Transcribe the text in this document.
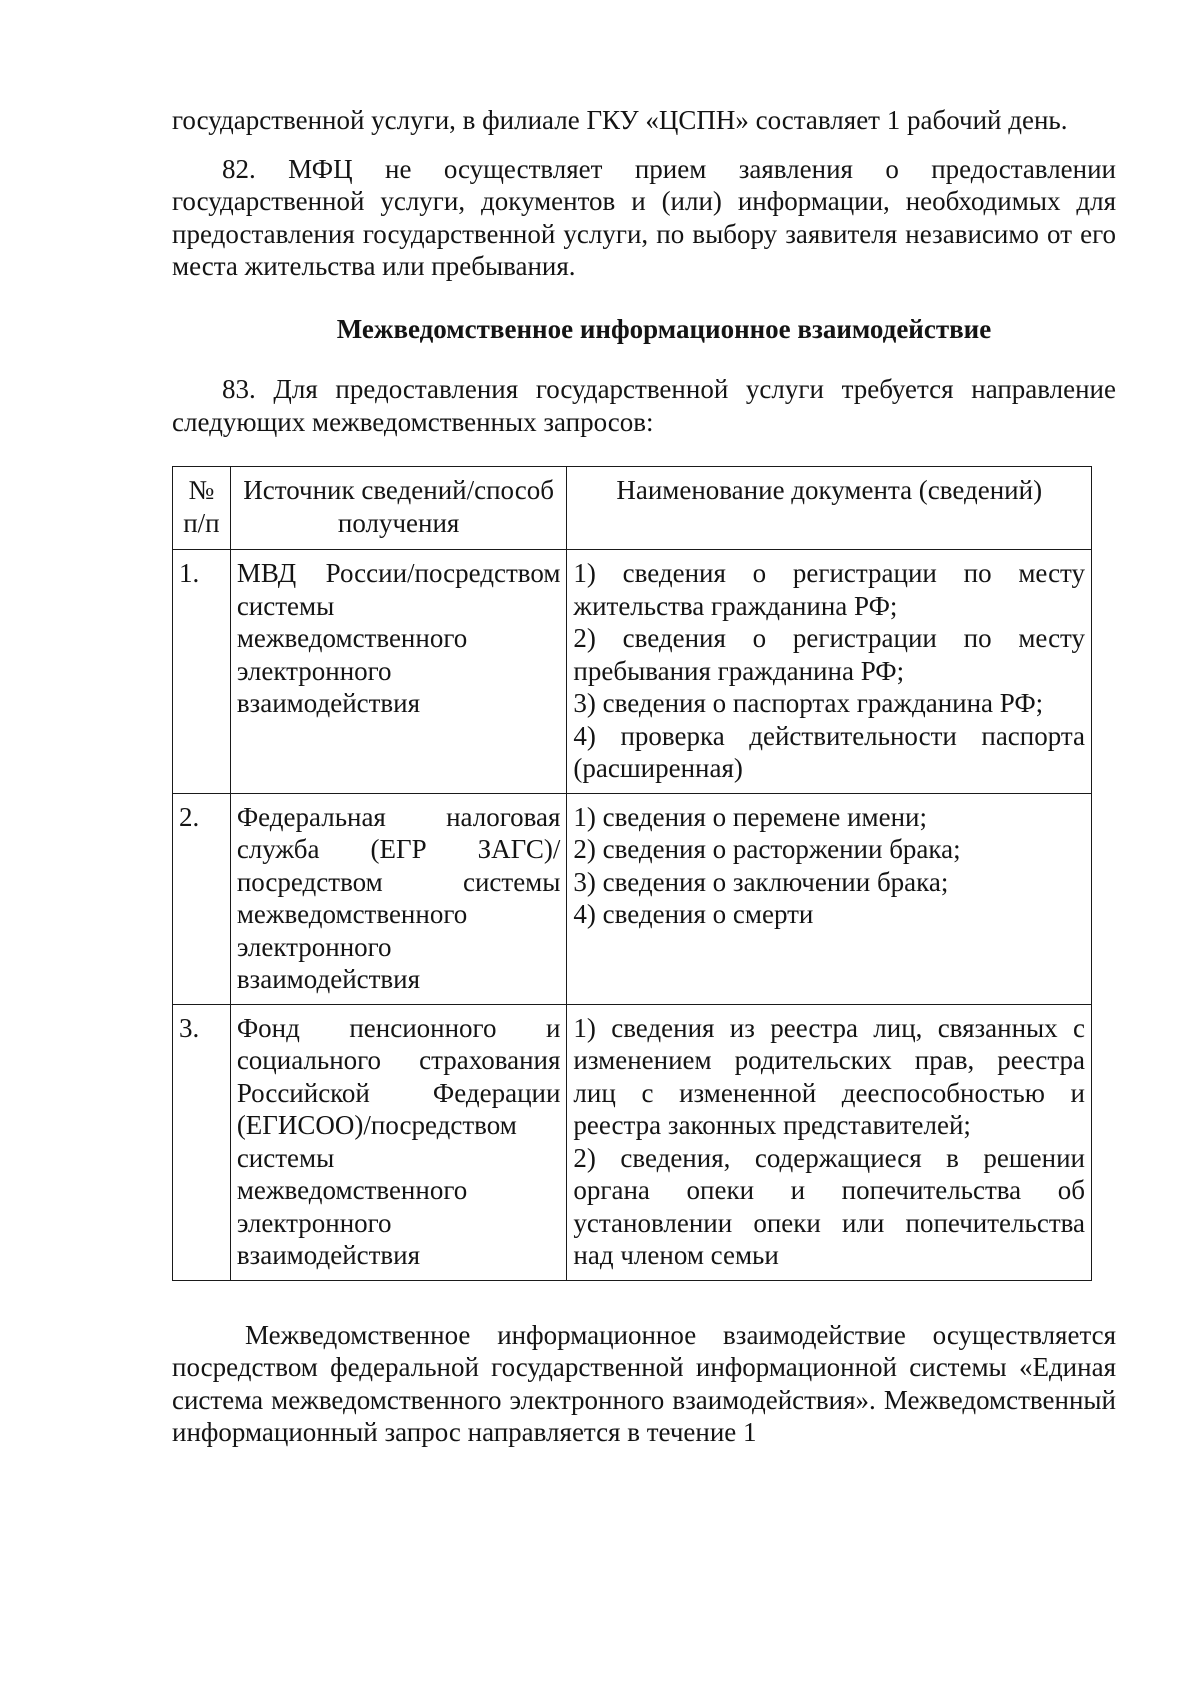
государственной услуги, в филиале ГКУ «ЦСПН» составляет 1 рабочий день.

82. МФЦ не осуществляет прием заявления о предоставлении государственной услуги, документов и (или) информации, необходимых для предоставления государственной услуги, по выбору заявителя независимо от его места жительства или пребывания.

Межведомственное информационное взаимодействие

83. Для предоставления государственной услуги требуется направление следующих межведомственных запросов:

№ п/п	Источник сведений/способ получения	Наименование документа (сведений)
1.	МВД России/посредством системы межведомственного электронного взаимодействия	1) сведения о регистрации по месту жительства гражданина РФ;
2) сведения о регистрации по месту пребывания гражданина РФ;
3) сведения о паспортах гражданина РФ;
4) проверка действительности паспорта (расширенная)

2.	Федеральная налоговая служба (ЕГР ЗАГС)/посредством системы межведомственного электронного взаимодействия	1) сведения о перемене имени;
2) сведения о расторжении брака;
3) сведения о заключении брака;
4) сведения о смерти

3.	Фонд пенсионного и социального страхования Российской Федерации (ЕГИСОО)/посредством системы межведомственного электронного взаимодействия	1) сведения из реестра лиц, связанных с изменением родительских прав, реестра лиц с измененной дееспособностью и реестра законных представителей;
2) сведения, содержащиеся в решении органа опеки и попечительства об установлении опеки или попечительства над членом семьи

Межведомственное информационное взаимодействие осуществляется посредством федеральной государственной информационной системы «Единая система межведомственного электронного взаимодействия». Межведомственный информационный запрос направляется в течение 1
